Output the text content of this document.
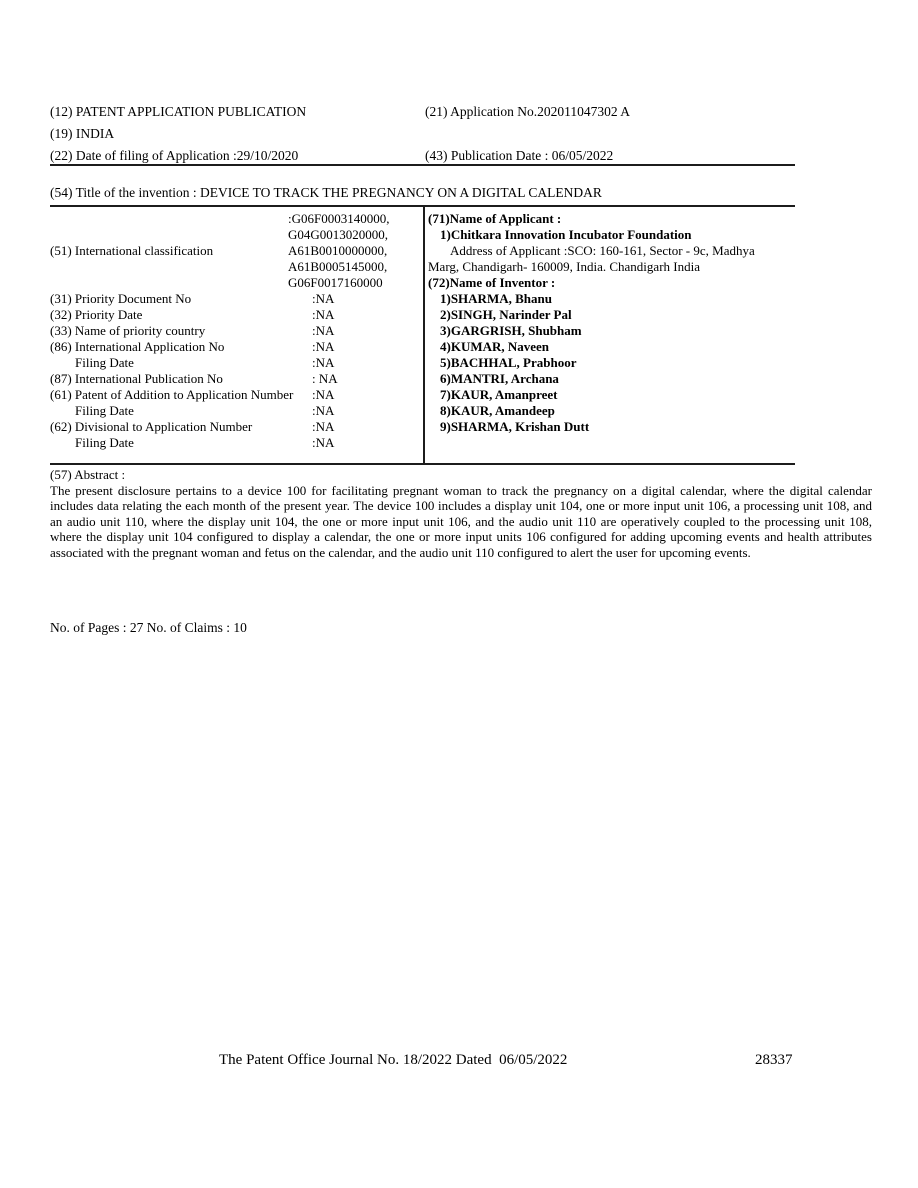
(12) PATENT APPLICATION PUBLICATION	(21) Application No.202011047302 A
(19) INDIA
(22) Date of filing of Application :29/10/2020	(43) Publication Date : 06/05/2022
(54) Title of the invention : DEVICE TO TRACK THE PREGNANCY ON A DIGITAL CALENDAR
(51) International classification
:G06F0003140000,
G04G0013020000,
A61B0010000000,
A61B0005145000,
G06F0017160000
(31) Priority Document No	:NA
(32) Priority Date	:NA
(33) Name of priority country	:NA
(86) International Application No	:NA
Filing Date	:NA
(87) International Publication No	: NA
(61) Patent of Addition to Application Number	:NA
Filing Date	:NA
(62) Divisional to Application Number	:NA
Filing Date	:NA
(71)Name of Applicant :
1)Chitkara Innovation Incubator Foundation
Address of Applicant :SCO: 160-161, Sector - 9c, Madhya
Marg, Chandigarh- 160009, India. Chandigarh India
(72)Name of Inventor :
1)SHARMA, Bhanu
2)SINGH, Narinder Pal
3)GARGRISH, Shubham
4)KUMAR, Naveen
5)BACHHAL, Prabhoor
6)MANTRI, Archana
7)KAUR, Amanpreet
8)KAUR, Amandeep
9)SHARMA, Krishan Dutt
(57) Abstract :
The present disclosure pertains to a device 100 for facilitating pregnant woman to track the pregnancy on a digital calendar, where the digital calendar includes data relating the each month of the present year. The device 100 includes a display unit 104, one or more input unit 106, a processing unit 108, and an audio unit 110, where the display unit 104, the one or more input unit 106, and the audio unit 110 are operatively coupled to the processing unit 108, where the display unit 104 configured to display a calendar, the one or more input units 106 configured for adding upcoming events and health attributes associated with the pregnant woman and fetus on the calendar, and the audio unit 110 configured to alert the user for upcoming events.
No. of Pages : 27 No. of Claims : 10
The Patent Office Journal No. 18/2022 Dated  06/05/2022	28337
